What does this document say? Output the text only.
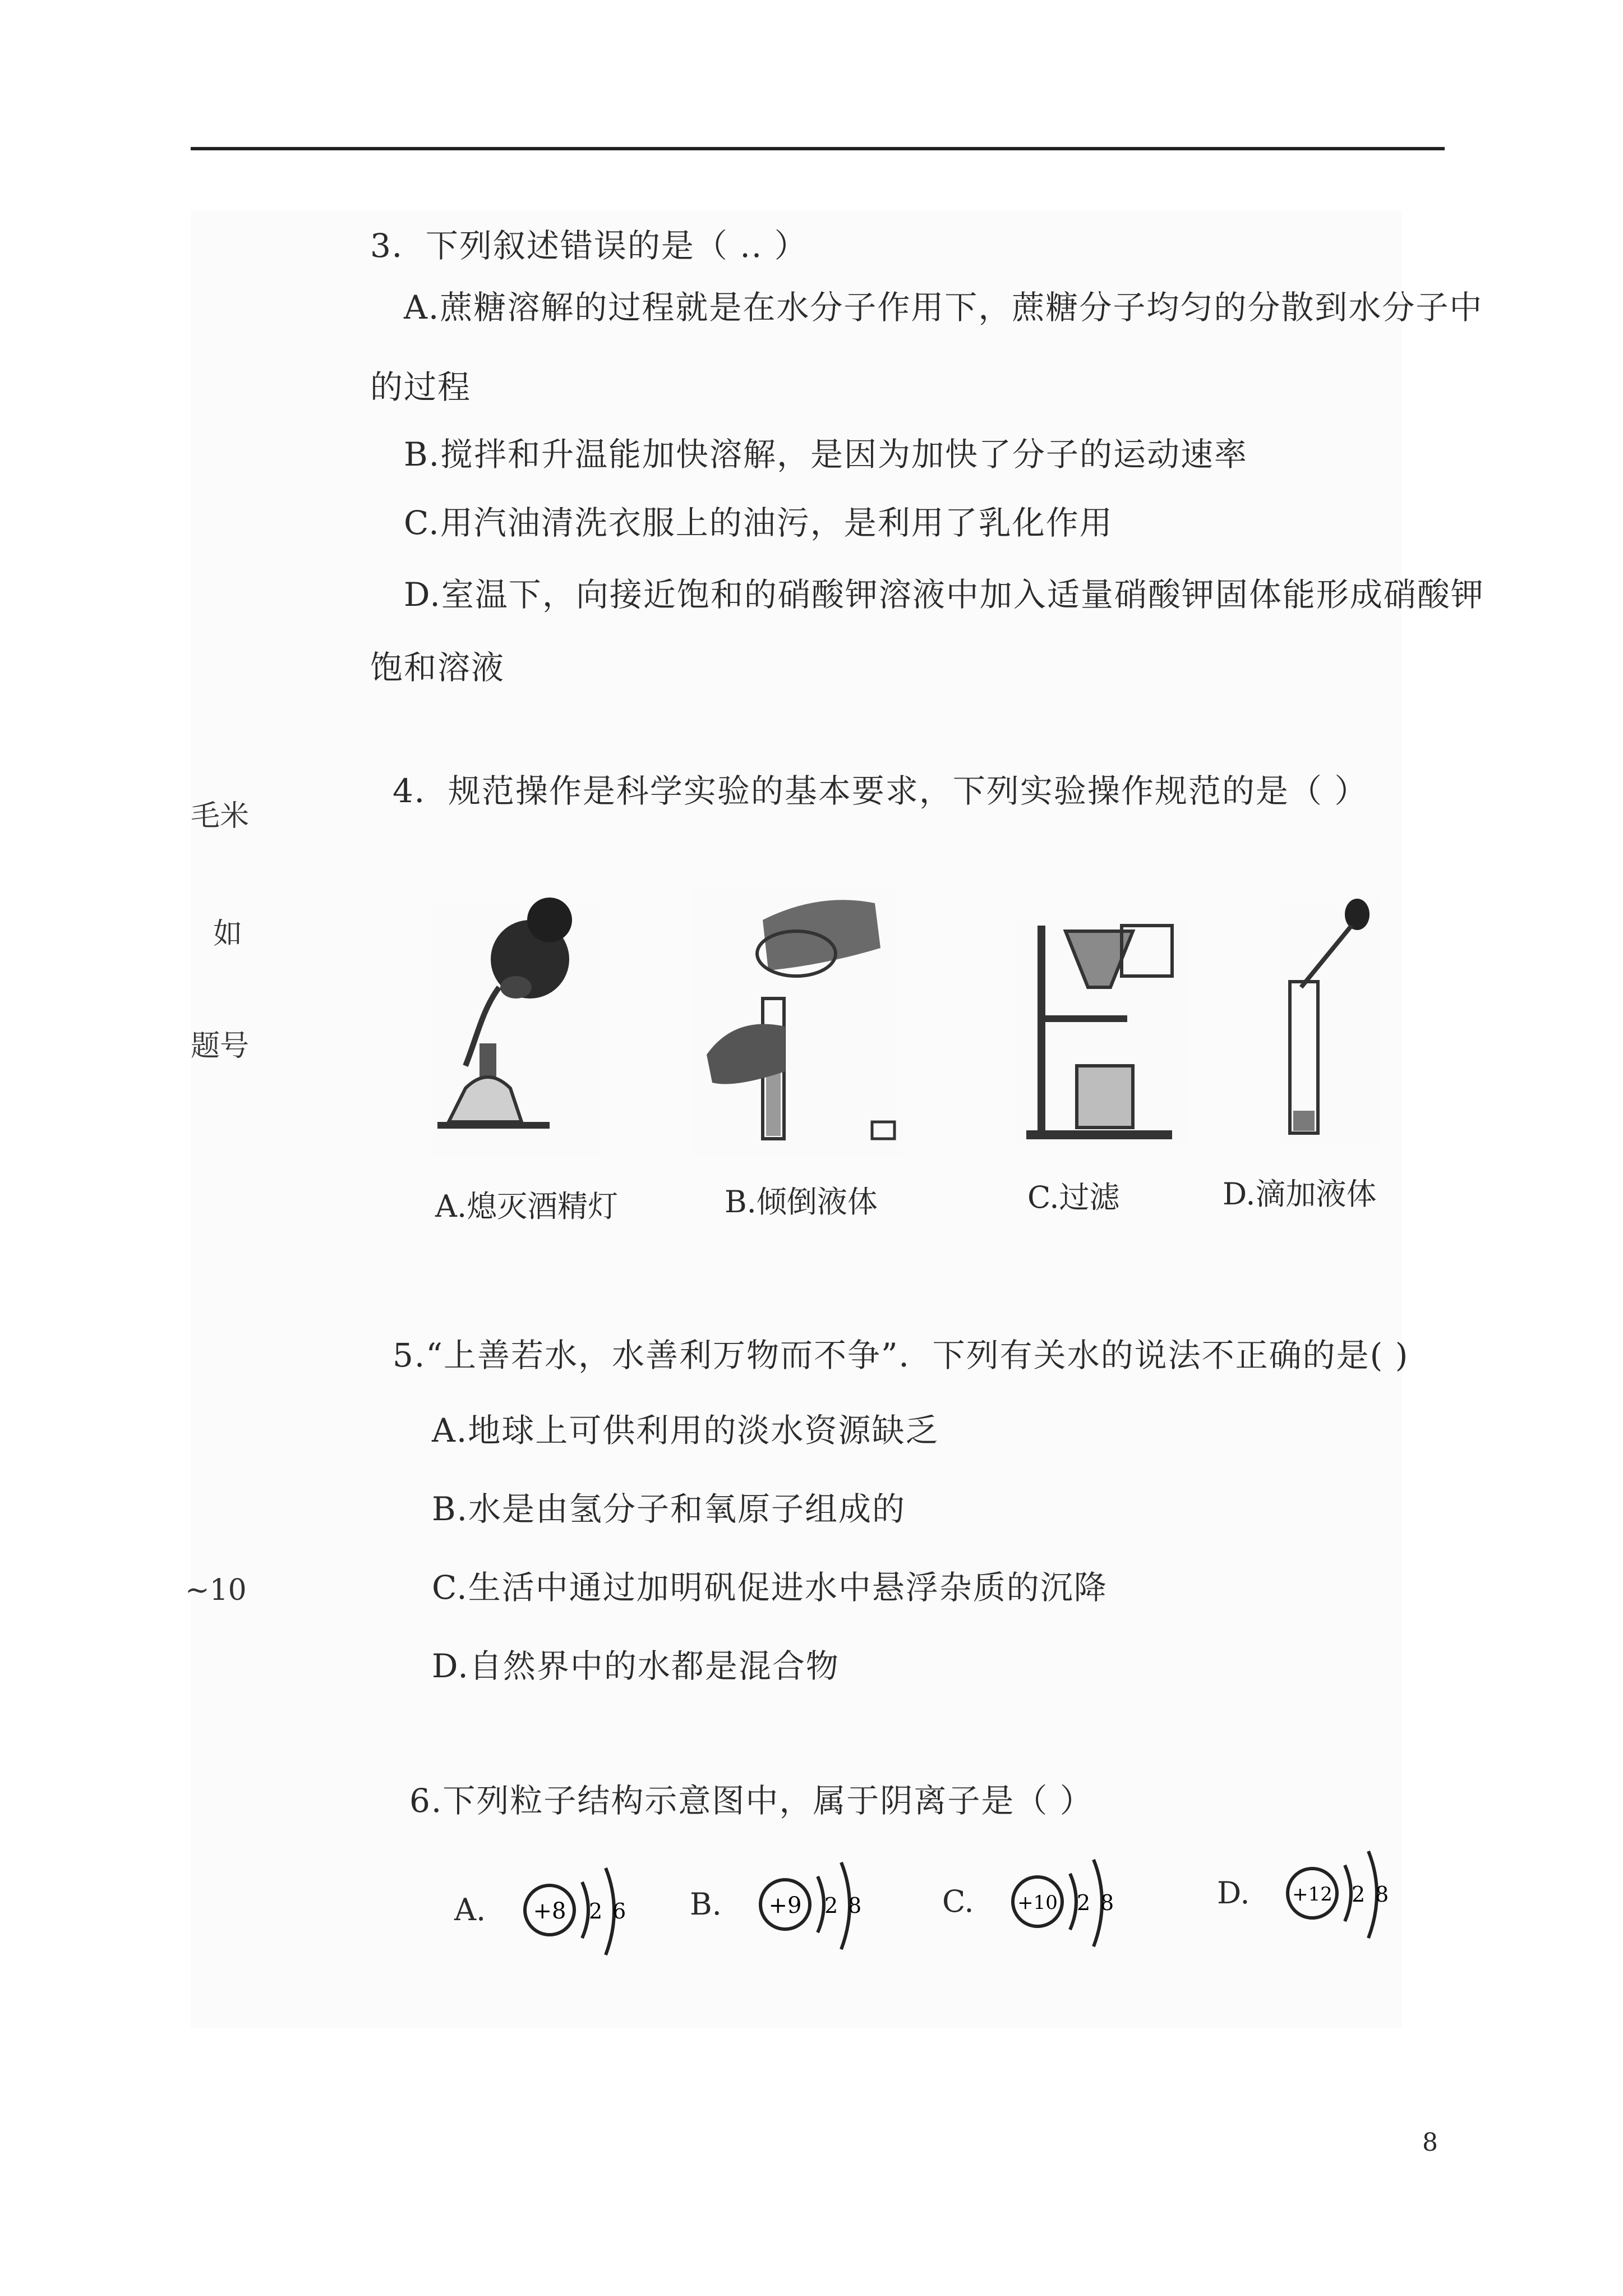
毛米
如
题号
~10
3．下列叙述错误的是（ .. ）
A.蔗糖溶解的过程就是在水分子作用下，蔗糖分子均匀的分散到水分子中
的过程
B.搅拌和升温能加快溶解，是因为加快了分子的运动速率
C.用汽油清洗衣服上的油污，是利用了乳化作用
D.室温下，向接近饱和的硝酸钾溶液中加入适量硝酸钾固体能形成硝酸钾
饱和溶液
4．规范操作是科学实验的基本要求，下列实验操作规范的是（ ）
A.熄灭酒精灯	B.倾倒液体	C.过滤	D.滴加液体
5.“上善若水，水善利万物而不争”．下列有关水的说法不正确的是( )
A.地球上可供利用的淡水资源缺乏
B.水是由氢分子和氧原子组成的
C.生活中通过加明矾促进水中悬浮杂质的沉降
D.自然界中的水都是混合物
6.下列粒子结构示意图中，属于阴离子是（ ）
A. +8 2 6 B. +9 2 8	C. +10 2 8	D. +12 2 8
8
